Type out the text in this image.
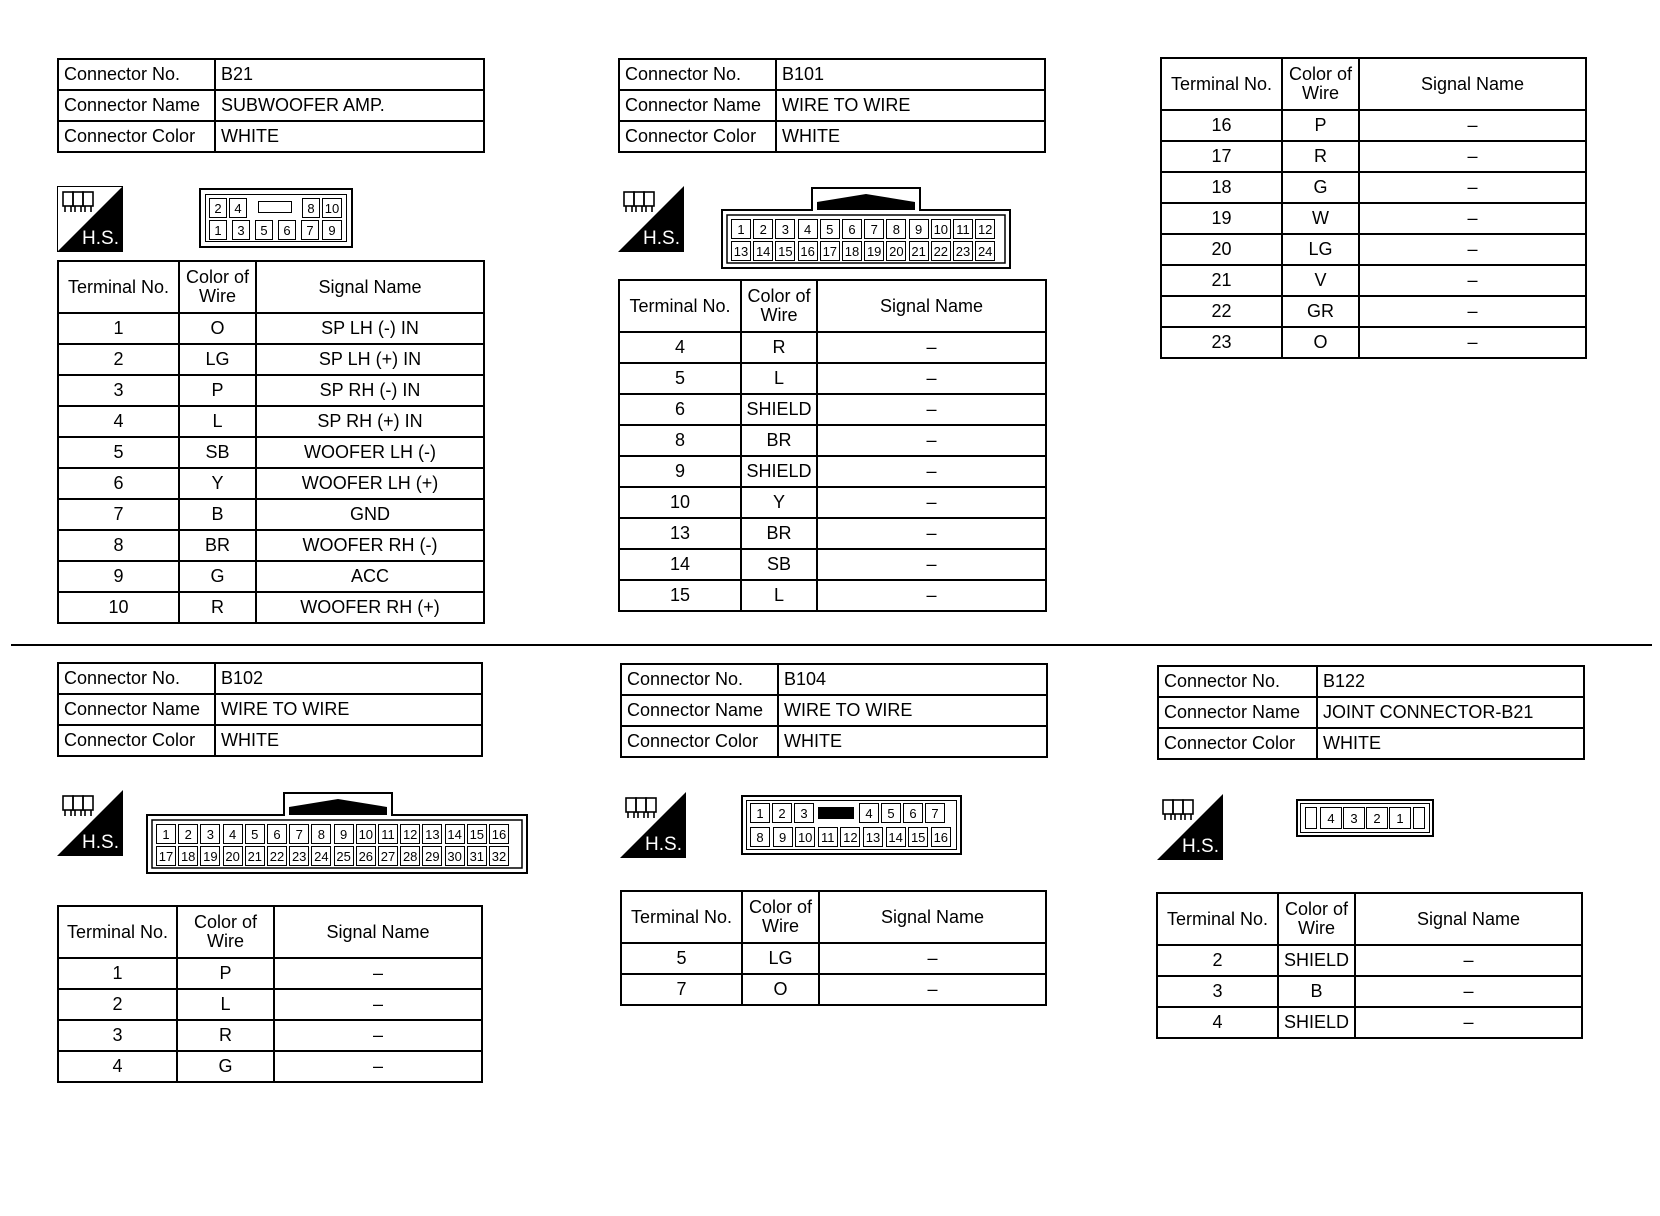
Connector No.	B21
Connector Name	SUBWOOFER AMP.
Connector Color	WHITE
H.S.
2 4	8 10
1	3	5	6	7	9
Terminal No.	Color of Wire	Signal Name
1	O	SP LH (-) IN
2	LG	SP LH (+) IN
3	P	SP RH (-) IN
4	L	SP RH (+) IN
5	SB	WOOFER LH (-)
6	Y	WOOFER LH (+)
7	B	GND
8	BR	WOOFER RH (-)
9	G	ACC
10	R	WOOFER RH (+)
Connector No.	B101
Connector Name	WIRE TO WIRE
Connector Color	WHITE
H.S.	1	2	3	4	5	6	7	8	9 10 11 12
13 14 15 16 17 18 19 20 21 22 23 24
Terminal No.	Color of Wire	Signal Name
4	R	–
5	L	–
6	SHIELD	–
8	BR	–
9	SHIELD	–
10	Y	–
13	BR	–
14	SB	–
15	L	–
Terminal No.	Color of Wire	Signal Name
16	P	–
17	R	–
18	G	–
19	W	–
20	LG	–
21	V	–
22	GR	–
23	O	–
Connector No.	B102
Connector Name	WIRE TO WIRE
Connector Color	WHITE
H.S.	1	2	3	4	5	6	7	8	9 10 11 12 13 14 15 16
17 18 19 20 21 22 23 24 25 26 27 28 29 30 31 32
Terminal No.	Color of Wire	Signal Name
1	P	–
2	L	–
3	R	–
4	G	–
Connector No.	B104
Connector Name	WIRE TO WIRE
Connector Color	WHITE
H.S.
1	2	3	4	5	6	7
8	9 10 11 12 13 14 15 16
Terminal No.	Color of Wire	Signal Name
5	LG	–
7	O	–
Connector No.	B122
Connector Name	JOINT CONNECTOR-B21
Connector Color	WHITE
H.S.
4	3	2	1
Terminal No.	Color of Wire	Signal Name
2	SHIELD	–
3	B	–
4	SHIELD	–
